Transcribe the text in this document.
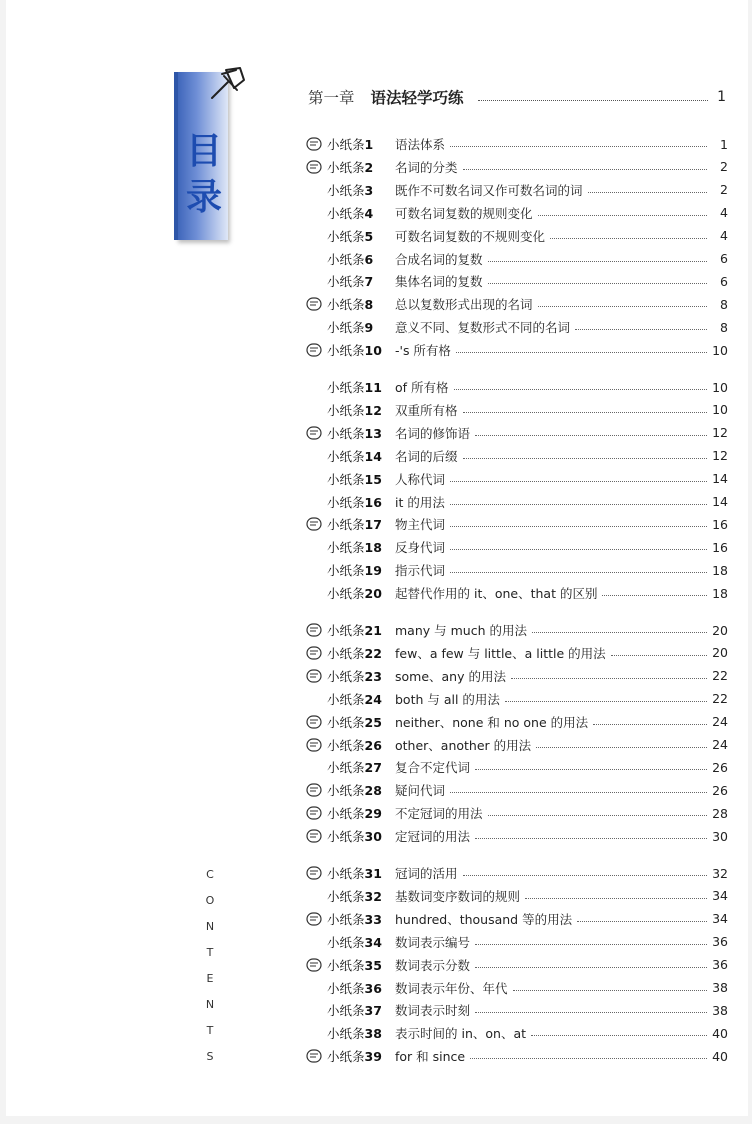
目
录
C
O
N
T
E
N
T
S
第一章 语法轻学巧练	1
小纸条1	语法体系	1
小纸条2	名词的分类	2
小纸条3	既作不可数名词又作可数名词的词	2
小纸条4	可数名词复数的规则变化	4
小纸条5	可数名词复数的不规则变化	4
小纸条6	合成名词的复数	6
小纸条7	集体名词的复数	6
小纸条8	总以复数形式出现的名词	8
小纸条9	意义不同、复数形式不同的名词	8
小纸条10	-'s 所有格	10
小纸条11	of 所有格	10
小纸条12	双重所有格	10
小纸条13	名词的修饰语	12
小纸条14	名词的后缀	12
小纸条15	人称代词	14
小纸条16	it 的用法	14
小纸条17	物主代词	16
小纸条18	反身代词	16
小纸条19	指示代词	18
小纸条20	起替代作用的 it、one、that 的区别	18
小纸条21	many 与 much 的用法	20
小纸条22	few、a few 与 little、a little 的用法	20
小纸条23	some、any 的用法	22
小纸条24	both 与 all 的用法	22
小纸条25	neither、none 和 no one 的用法	24
小纸条26	other、another 的用法	24
小纸条27	复合不定代词	26
小纸条28	疑问代词	26
小纸条29	不定冠词的用法	28
小纸条30	定冠词的用法	30
小纸条31	冠词的活用	32
小纸条32	基数词变序数词的规则	34
小纸条33	hundred、thousand 等的用法	34
小纸条34	数词表示编号	36
小纸条35	数词表示分数	36
小纸条36	数词表示年份、年代	38
小纸条37	数词表示时刻	38
小纸条38	表示时间的 in、on、at	40
小纸条39	for 和 since	40
